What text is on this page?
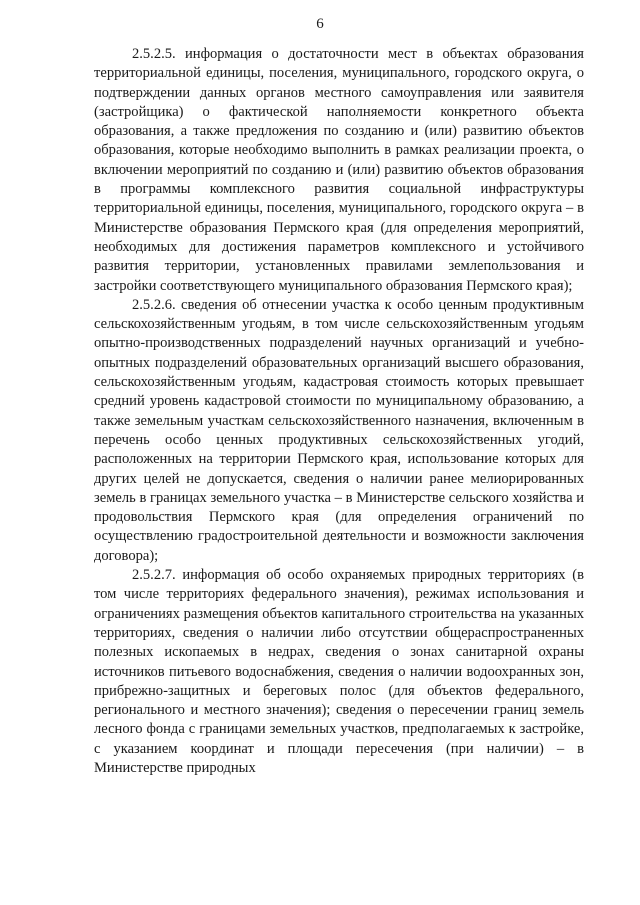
6

2.5.2.5. информация о достаточности мест в объектах образования территориальной единицы, поселения, муниципального, городского округа, о подтверждении данных органов местного самоуправления или заявителя (застройщика) о фактической наполняемости конкретного объекта образования, а также предложения по созданию и (или) развитию объектов образования, которые необходимо выполнить в рамках реализации проекта, о включении мероприятий по созданию и (или) развитию объектов образования в программы комплексного развития социальной инфраструктуры территориальной единицы, поселения, муниципального, городского округа – в Министерстве образования Пермского края (для определения мероприятий, необходимых для достижения параметров комплексного и устойчивого развития территории, установленных правилами землепользования и застройки соответствующего муниципального образования Пермского края);

2.5.2.6. сведения об отнесении участка к особо ценным продуктивным сельскохозяйственным угодьям, в том числе сельскохозяйственным угодьям опытно-производственных подразделений научных организаций и учебно-опытных подразделений образовательных организаций высшего образования, сельскохозяйственным угодьям, кадастровая стоимость которых превышает средний уровень кадастровой стоимости по муниципальному образованию, а также земельным участкам сельскохозяйственного назначения, включенным в перечень особо ценных продуктивных сельскохозяйственных угодий, расположенных на территории Пермского края, использование которых для других целей не допускается, сведения о наличии ранее мелиорированных земель в границах земельного участка – в Министерстве сельского хозяйства и продовольствия Пермского края (для определения ограничений по осуществлению градостроительной деятельности и возможности заключения договора);

2.5.2.7. информация об особо охраняемых природных территориях (в том числе территориях федерального значения), режимах использования и ограничениях размещения объектов капитального строительства на указанных территориях, сведения о наличии либо отсутствии общераспространенных полезных ископаемых в недрах, сведения о зонах санитарной охраны источников питьевого водоснабжения, сведения о наличии водоохранных зон, прибрежно-защитных и береговых полос (для объектов федерального, регионального и местного значения); сведения о пересечении границ земель лесного фонда с границами земельных участков, предполагаемых к застройке, с указанием координат и площади пересечения (при наличии) – в Министерстве природных
